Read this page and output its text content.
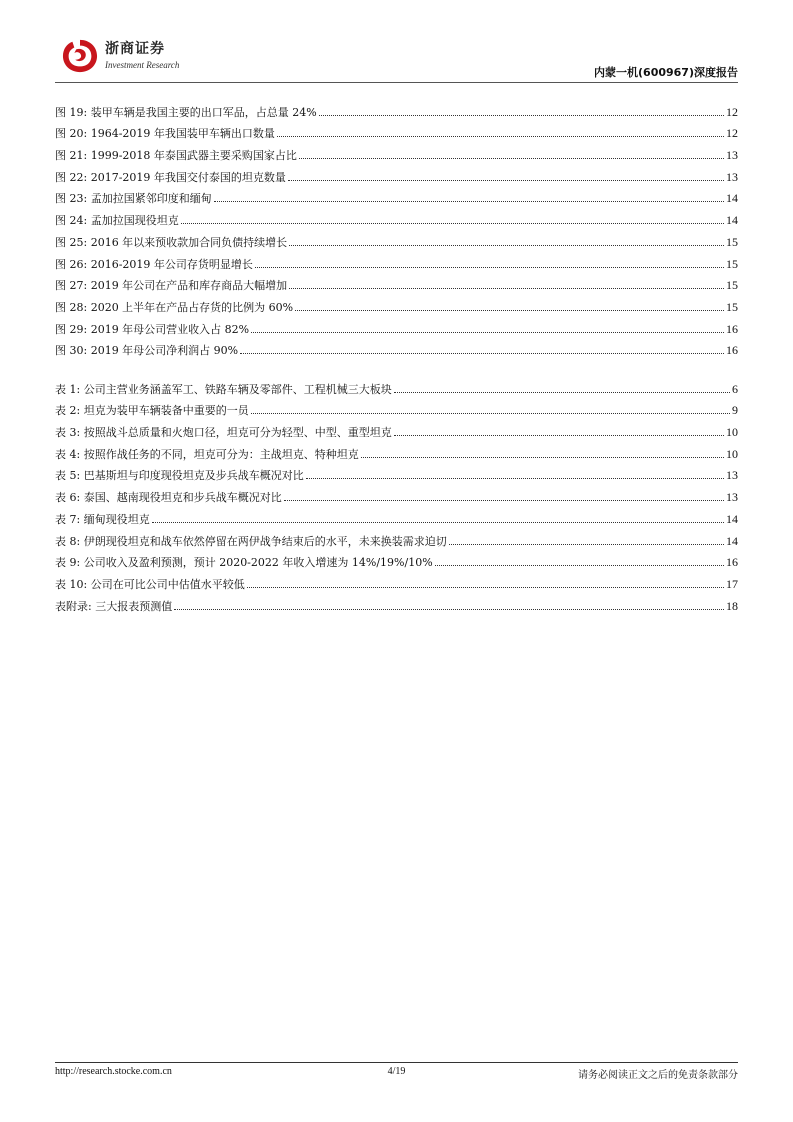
浙商证券
Investment Research
内蒙一机(600967)深度报告
图 19: 装甲车辆是我国主要的出口军品，占总量 24%	12
图 20: 1964-2019 年我国装甲车辆出口数量	12
图 21: 1999-2018 年泰国武器主要采购国家占比	13
图 22: 2017-2019 年我国交付泰国的坦克数量	13
图 23: 孟加拉国紧邻印度和缅甸	14
图 24: 孟加拉国现役坦克	14
图 25: 2016 年以来预收款加合同负债持续增长	15
图 26: 2016-2019 年公司存货明显增长	15
图 27: 2019 年公司在产品和库存商品大幅增加	15
图 28: 2020 上半年在产品占存货的比例为 60%	15
图 29: 2019 年母公司营业收入占 82%	16
图 30: 2019 年母公司净利润占 90%	16
表 1: 公司主营业务涵盖军工、铁路车辆及零部件、工程机械三大板块	6
表 2: 坦克为装甲车辆装备中重要的一员	9
表 3: 按照战斗总质量和火炮口径，坦克可分为轻型、中型、重型坦克	10
表 4: 按照作战任务的不同，坦克可分为：主战坦克、特种坦克	10
表 5: 巴基斯坦与印度现役坦克及步兵战车概况对比	13
表 6: 泰国、越南现役坦克和步兵战车概况对比	13
表 7: 缅甸现役坦克	14
表 8: 伊朗现役坦克和战车依然停留在两伊战争结束后的水平，未来换装需求迫切	14
表 9: 公司收入及盈利预测，预计 2020-2022 年收入增速为 14%/19%/10%	16
表 10: 公司在可比公司中估值水平较低	17
表附录: 三大报表预测值	18
http://research.stocke.com.cn	4/19	请务必阅读正文之后的免责条款部分
